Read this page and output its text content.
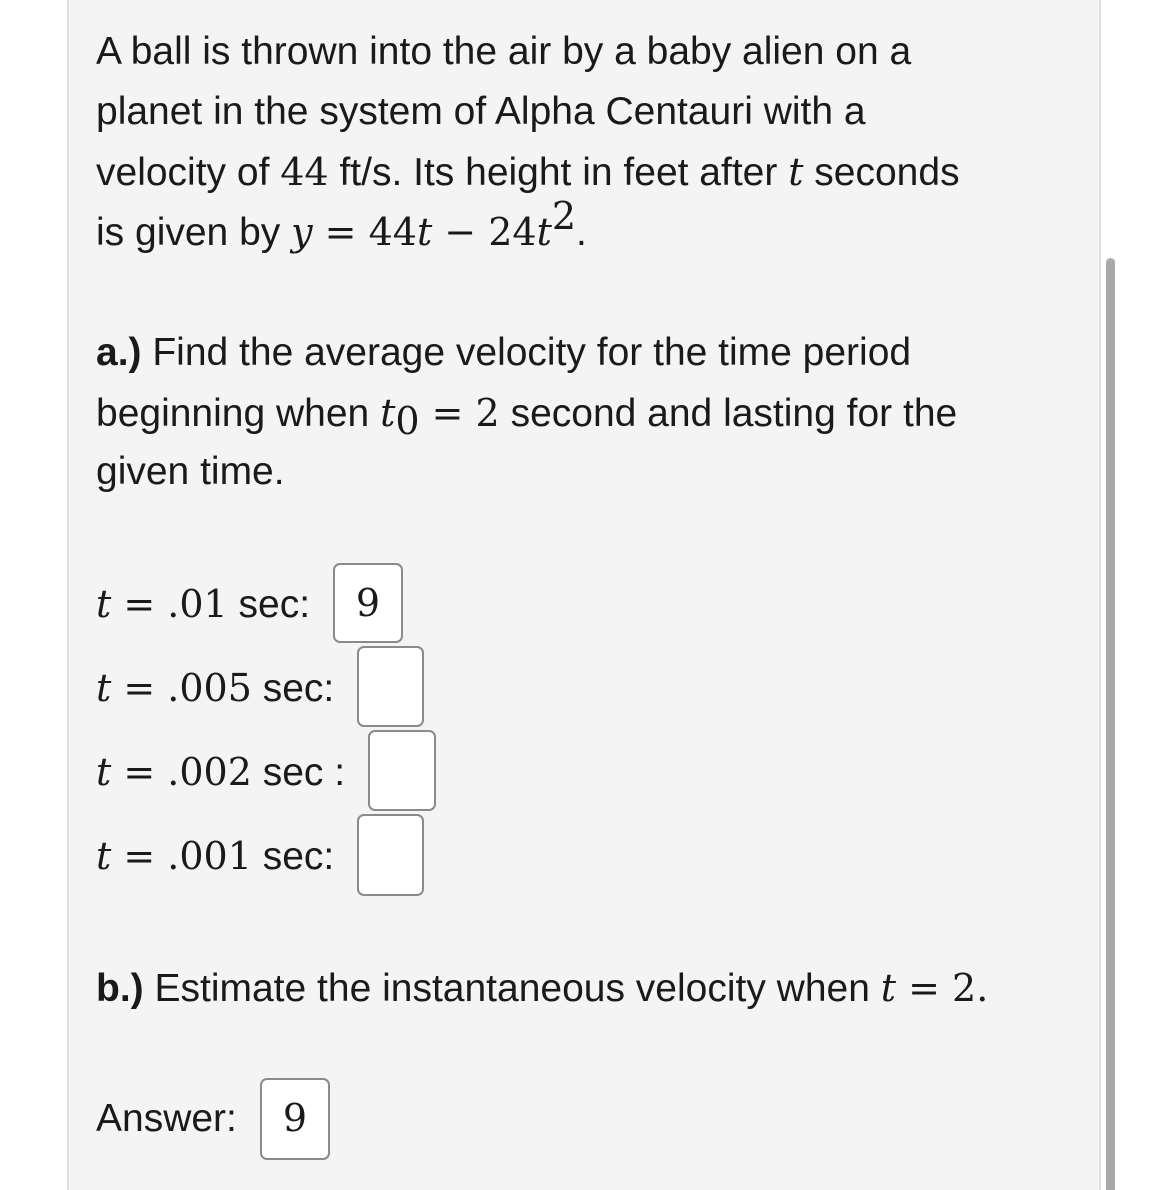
A ball is thrown into the air by a baby alien on a
planet in the system of Alpha Centauri with a
velocity of 44 ft/s. Its height in feet after t seconds
is given by $y = 44t - 24t^2$.
a.) Find the average velocity for the time period
beginning when $t_0 = 2$ second and lasting for the
given time.
t = .01 sec:	9
t = .005 sec:
t = .002 sec :
t = .001 sec:
b.) Estimate the instantaneous velocity when t = 2.
Answer:	9
